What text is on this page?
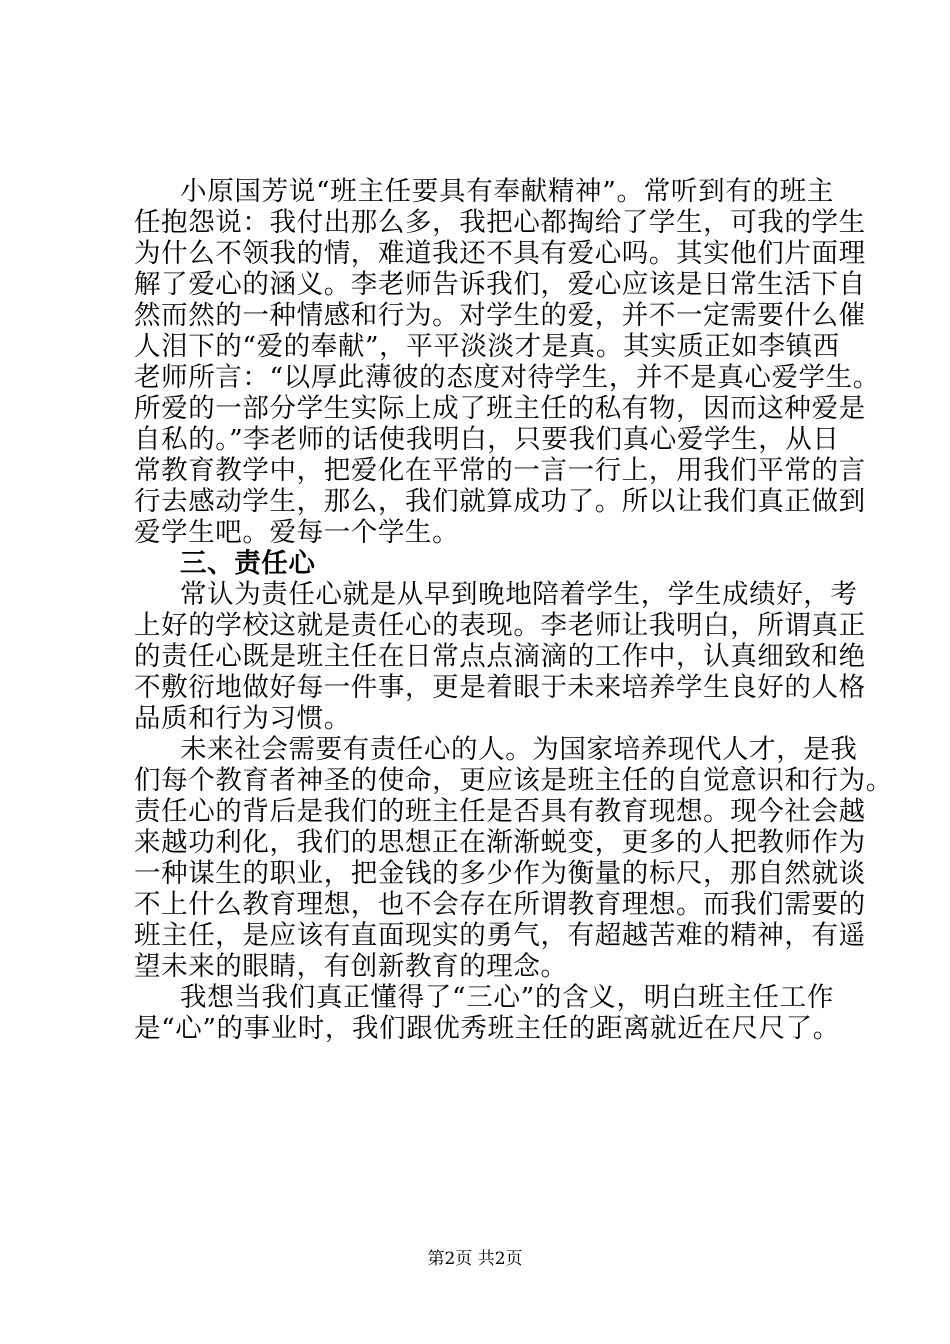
小原国芳说“班主任要具有奉献精神”。常听到有的班主
任抱怨说：我付出那么多，我把心都掏给了学生，可我的学生
为什么不领我的情，难道我还不具有爱心吗。其实他们片面理
解了爱心的涵义。李老师告诉我们，爱心应该是日常生活下自
然而然的一种情感和行为。对学生的爱，并不一定需要什么催
人泪下的“爱的奉献”，平平淡淡才是真。其实质正如李镇西
老师所言：“以厚此薄彼的态度对待学生，并不是真心爱学生。
所爱的一部分学生实际上成了班主任的私有物，因而这种爱是
自私的。”李老师的话使我明白，只要我们真心爱学生，从日
常教育教学中，把爱化在平常的一言一行上，用我们平常的言
行去感动学生，那么，我们就算成功了。所以让我们真正做到
爱学生吧。爱每一个学生。
三、责任心
常认为责任心就是从早到晚地陪着学生，学生成绩好，考
上好的学校这就是责任心的表现。李老师让我明白，所谓真正
的责任心既是班主任在日常点点滴滴的工作中，认真细致和绝
不敷衍地做好每一件事，更是着眼于未来培养学生良好的人格
品质和行为习惯。
未来社会需要有责任心的人。为国家培养现代人才，是我
们每个教育者神圣的使命，更应该是班主任的自觉意识和行为。
责任心的背后是我们的班主任是否具有教育现想。现今社会越
来越功利化，我们的思想正在渐渐蜕变，更多的人把教师作为
一种谋生的职业，把金钱的多少作为衡量的标尺，那自然就谈
不上什么教育理想，也不会存在所谓教育理想。而我们需要的
班主任，是应该有直面现实的勇气，有超越苦难的精神，有遥
望未来的眼睛，有创新教育的理念。
我想当我们真正懂得了“三心”的含义，明白班主任工作
是“心”的事业时，我们跟优秀班主任的距离就近在尺尺了。
第2页 共2页
